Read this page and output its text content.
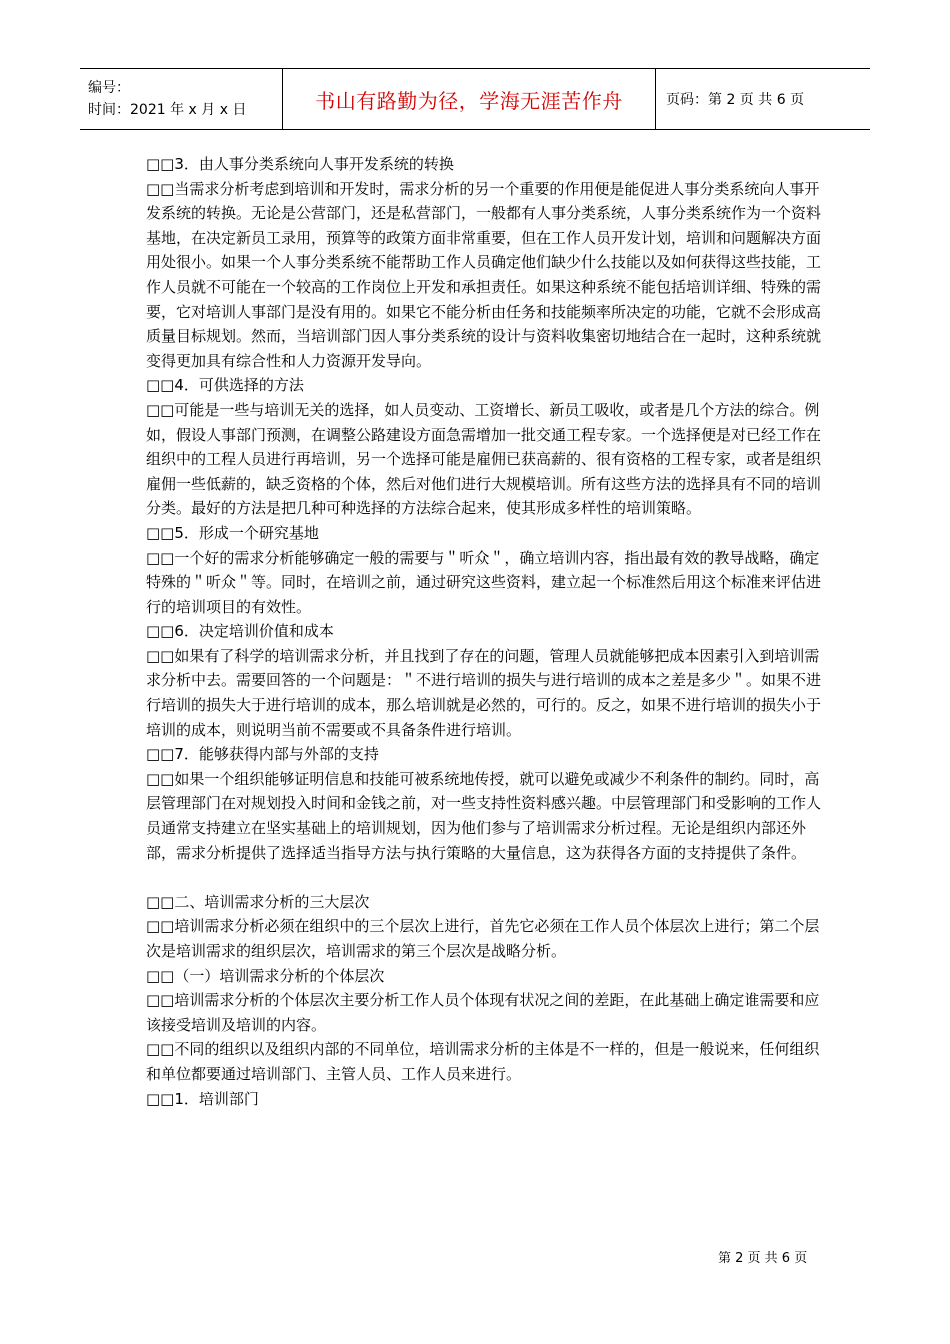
编号：
时间：2021 年 x 月 x 日	书山有路勤为径，学海无涯苦作舟	页码：第 2 页 共 6 页

□□ 3．由人事分类系统向人事开发系统的转换

□□ 当需求分析考虑到培训和开发时，需求分析的另一个重要的作用便是能促进人事分类系统向人事开发系统的转换。无论是公营部门，还是私营部门，一般都有人事分类系统，人事分类系统作为一个资料基地，在决定新员工录用，预算等的政策方面非常重要，但在工作人员开发计划，培训和问题解决方面用处很小。如果一个人事分类系统不能帮助工作人员确定他们缺少什么技能以及如何获得这些技能，工作人员就不可能在一个较高的工作岗位上开发和承担责任。如果这种系统不能包括培训详细、特殊的需要，它对培训人事部门是没有用的。如果它不能分析由任务和技能频率所决定的功能，它就不会形成高质量目标规划。然而，当培训部门因人事分类系统的设计与资料收集密切地结合在一起时，这种系统就变得更加具有综合性和人力资源开发导向。

□□ 4．可供选择的方法

□□ 可能是一些与培训无关的选择，如人员变动、工资增长、新员工吸收，或者是几个方法的综合。例如，假设人事部门预测，在调整公路建设方面急需增加一批交通工程专家。一个选择便是对已经工作在组织中的工程人员进行再培训，另一个选择可能是雇佣已获高薪的、很有资格的工程专家，或者是组织雇佣一些低薪的，缺乏资格的个体，然后对他们进行大规模培训。所有这些方法的选择具有不同的培训分类。最好的方法是把几种可种选择的方法综合起来，使其形成多样性的培训策略。

□□ 5．形成一个研究基地

□□ 一个好的需求分析能够确定一般的需要与＂听众＂，确立培训内容，指出最有效的教导战略，确定特殊的＂听众＂等。同时，在培训之前，通过研究这些资料，建立起一个标准然后用这个标准来评估进行的培训项目的有效性。

□□ 6．决定培训价值和成本

□□ 如果有了科学的培训需求分析，并且找到了存在的问题，管理人员就能够把成本因素引入到培训需求分析中去。需要回答的一个问题是：＂不进行培训的损失与进行培训的成本之差是多少＂。如果不进行培训的损失大于进行培训的成本，那么培训就是必然的，可行的。反之，如果不进行培训的损失小于培训的成本，则说明当前不需要或不具备条件进行培训。

□□ 7．能够获得内部与外部的支持

□□ 如果一个组织能够证明信息和技能可被系统地传授，就可以避免或减少不利条件的制约。同时，高层管理部门在对规划投入时间和金钱之前，对一些支持性资料感兴趣。中层管理部门和受影响的工作人员通常支持建立在坚实基础上的培训规划，因为他们参与了培训需求分析过程。无论是组织内部还外部，需求分析提供了选择适当指导方法与执行策略的大量信息，这为获得各方面的支持提供了条件。

□□ 二、培训需求分析的三大层次

□□ 培训需求分析必须在组织中的三个层次上进行，首先它必须在工作人员个体层次上进行；第二个层次是培训需求的组织层次，培训需求的第三个层次是战略分析。

□□ （一）培训需求分析的个体层次

□□ 培训需求分析的个体层次主要分析工作人员个体现有状况之间的差距，在此基础上确定谁需要和应该接受培训及培训的内容。

□□ 不同的组织以及组织内部的不同单位，培训需求分析的主体是不一样的，但是一般说来，任何组织和单位都要通过培训部门、主管人员、工作人员来进行。

□□ 1．培训部门

第 2 页 共 6 页
